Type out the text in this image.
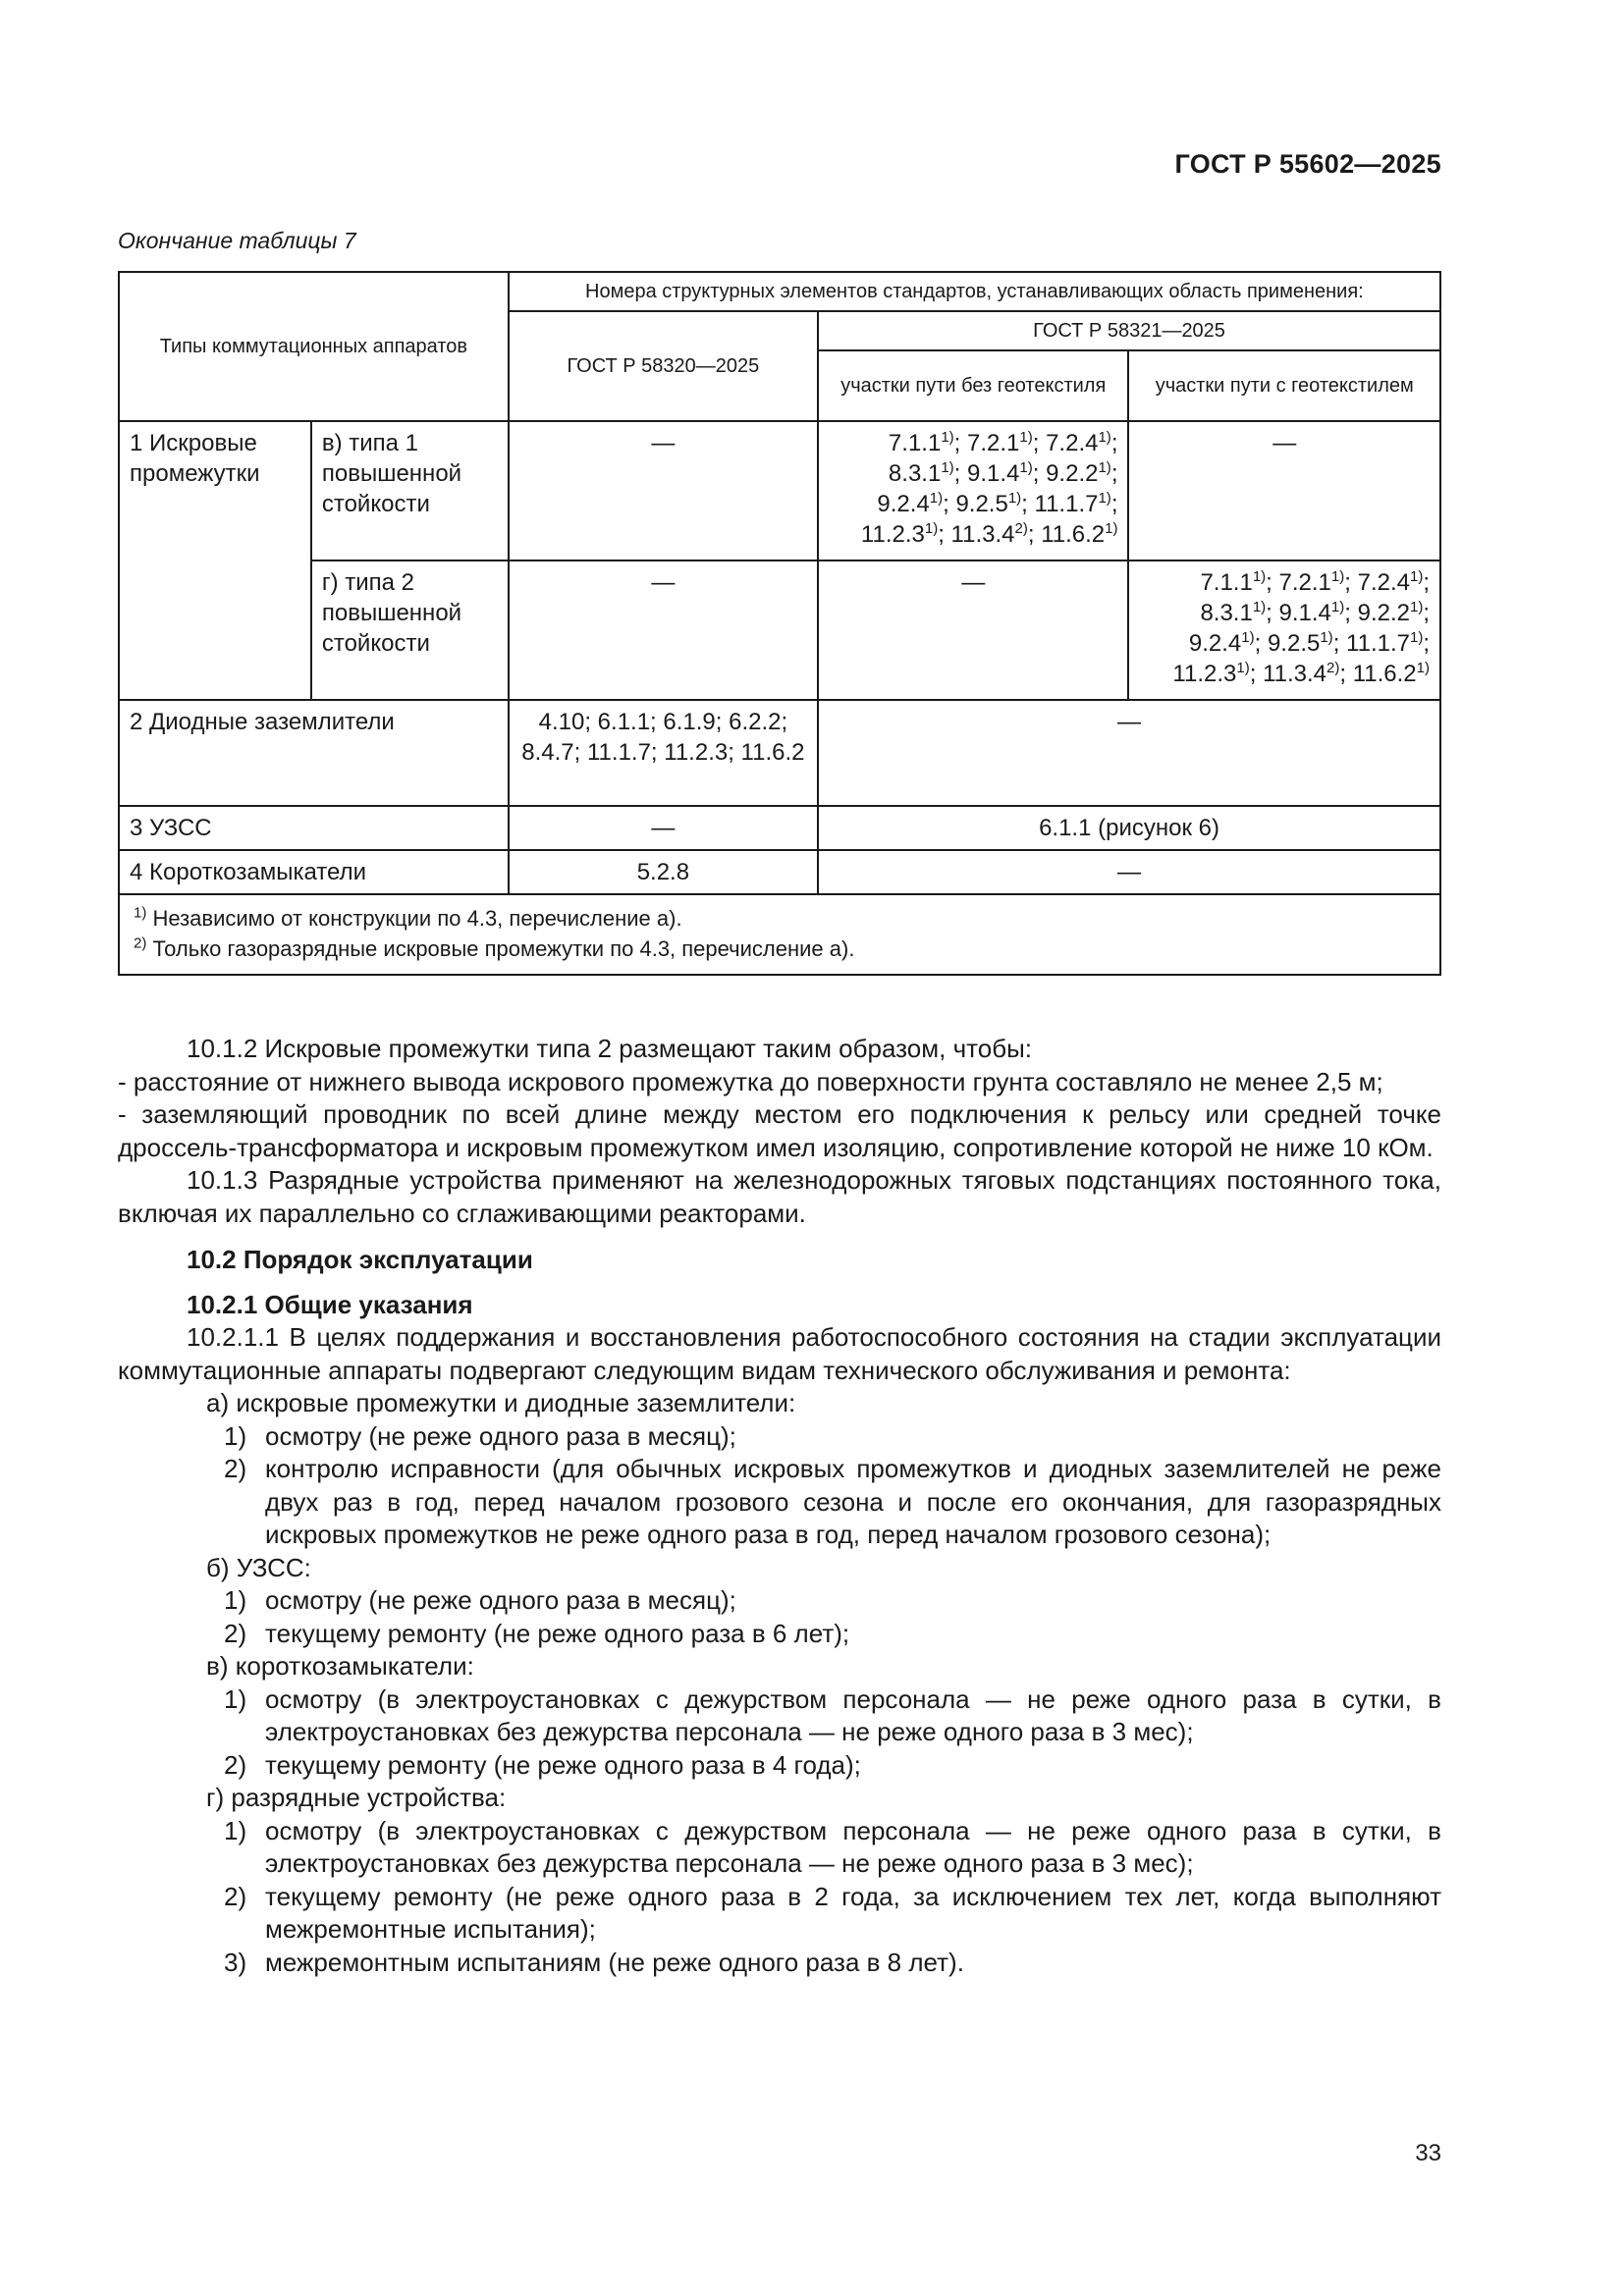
ГОСТ Р 55602—2025
Окончание таблицы 7
Типы коммутационных аппаратов		Номера структурных элементов стандартов, устанавливающих область применения:		
		ГОСТ Р 58320—2025	ГОСТ Р 58321—2025	
			участки пути без геотекстиля	участки пути с геотекстилем
1 Искровые промежутки	в) типа 1 повышенной стойкости	—	7.1.1$^{1)}$; 7.2.1$^{1)}$; 7.2.4$^{1)}$; 8.3.1$^{1)}$; 9.1.4$^{1)}$; 9.2.2$^{1)}$; 9.2.4$^{1)}$; 9.2.5$^{1)}$; 11.1.7$^{1)}$; 11.2.3$^{1)}$; 11.3.4$^{2)}$; 11.6.2$^{1)}$	—
	г) типа 2 повышенной стойкости	—	—	7.1.1$^{1)}$; 7.2.1$^{1)}$; 7.2.4$^{1)}$; 8.3.1$^{1)}$; 9.1.4$^{1)}$; 9.2.2$^{1)}$; 9.2.4$^{1)}$; 9.2.5$^{1)}$; 11.1.7$^{1)}$; 11.2.3$^{1)}$; 11.3.4$^{2)}$; 11.6.2$^{1)}$
2 Диодные заземлители		4.10; 6.1.1; 6.1.9; 6.2.2; 8.4.7; 11.1.7; 11.2.3; 11.6.2	—	
3 УЗСС		—	6.1.1 (рисунок 6)	
4 Короткозамыкатели		5.2.8	—	

$^{1)}$ Независимо от конструкции по 4.3, перечисление а).
$^{2)}$ Только газоразрядные искровые промежутки по 4.3, перечисление а).				

10.1.2 Искровые промежутки типа 2 размещают таким образом, чтобы:

- расстояние от нижнего вывода искрового промежутка до поверхности грунта составляло не менее 2,5 м;

- заземляющий проводник по всей длине между местом его подключения к рельсу или средней точке дроссель-трансформатора и искровым промежутком имел изоляцию, сопротивление которой не ниже 10 кОм.

10.1.3 Разрядные устройства применяют на железнодорожных тяговых подстанциях постоянного тока, включая их параллельно со сглаживающими реакторами.

10.2 Порядок эксплуатации

10.2.1 Общие указания

10.2.1.1 В целях поддержания и восстановления работоспособного состояния на стадии эксплуатации коммутационные аппараты подвергают следующим видам технического обслуживания и ремонта:

а) искровые промежутки и диодные заземлители:

1) осмотру (не реже одного раза в месяц);
2) контролю исправности (для обычных искровых промежутков и диодных заземлителей не реже двух раз в год, перед началом грозового сезона и после его окончания, для газоразрядных искровых промежутков не реже одного раза в год, перед началом грозового сезона);

б) УЗСС:

1) осмотру (не реже одного раза в месяц);
2) текущему ремонту (не реже одного раза в 6 лет);

в) короткозамыкатели:

1) осмотру (в электроустановках с дежурством персонала — не реже одного раза в сутки, в электроустановках без дежурства персонала — не реже одного раза в 3 мес);
2) текущему ремонту (не реже одного раза в 4 года);

г) разрядные устройства:

1) осмотру (в электроустановках с дежурством персонала — не реже одного раза в сутки, в электроустановках без дежурства персонала — не реже одного раза в 3 мес);
2) текущему ремонту (не реже одного раза в 2 года, за исключением тех лет, когда выполняют межремонтные испытания);
3) межремонтным испытаниям (не реже одного раза в 8 лет).
33
